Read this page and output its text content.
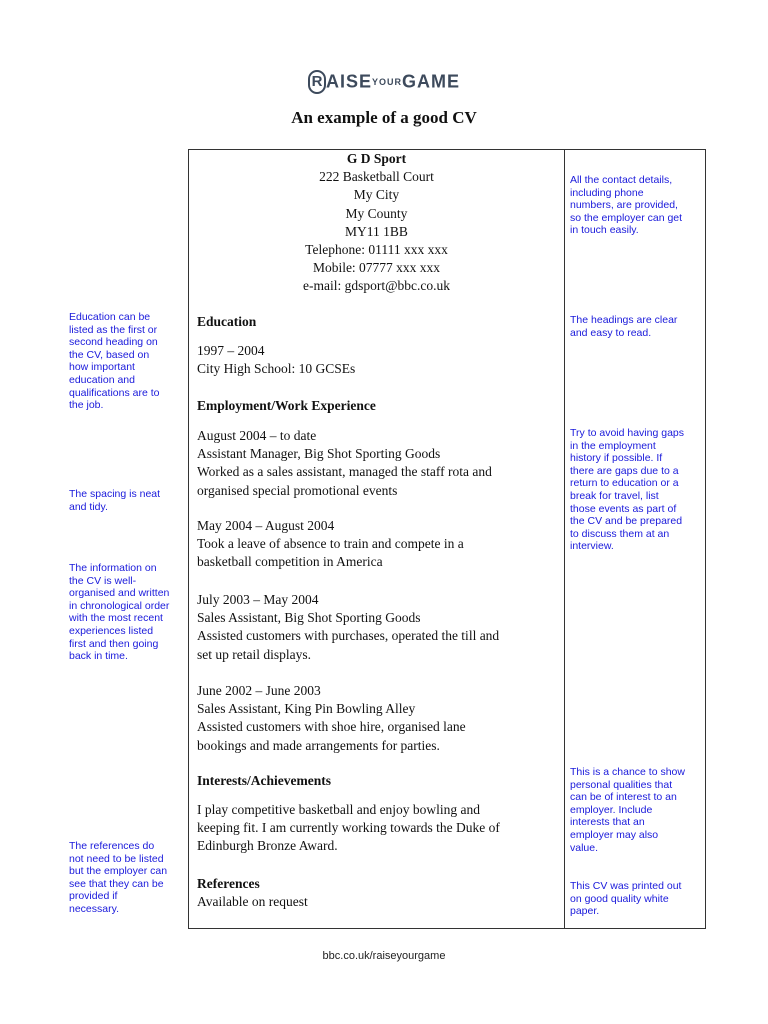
R AISEYOURGAME
An example of a good CV
G D Sport
222 Basketball Court
My City
My County
MY11 1BB
Telephone: 01111 xxx xxx
Mobile: 07777 xxx xxx
e-mail: gdsport@bbc.co.uk
Education
1997 – 2004
City High School: 10 GCSEs
Employment/Work Experience
August 2004 – to date
Assistant Manager, Big Shot Sporting Goods
Worked as a sales assistant, managed the staff rota and
organised special promotional events
May 2004 – August 2004
Took a leave of absence to train and compete in a
basketball competition in America
July 2003 – May 2004
Sales Assistant, Big Shot Sporting Goods
Assisted customers with purchases, operated the till and
set up retail displays.
June 2002 – June 2003
Sales Assistant, King Pin Bowling Alley
Assisted customers with shoe hire, organised lane
bookings and made arrangements for parties.
Interests/Achievements
I play competitive basketball and enjoy bowling and
keeping fit. I am currently working towards the Duke of
Edinburgh Bronze Award.
References
Available on request
Education can be
listed as the first or
second heading on
the CV, based on
how important
education and
qualifications are to
the job.
The spacing is neat
and tidy.
The information on
the CV is well-
organised and written
in chronological order
with the most recent
experiences listed
first and then going
back in time.
The references do
not need to be listed
but the employer can
see that they can be
provided if
necessary.
All the contact details,
including phone
numbers, are provided,
so the employer can get
in touch easily.
The headings are clear
and easy to read.
Try to avoid having gaps
in the employment
history if possible. If
there are gaps due to a
return to education or a
break for travel, list
those events as part of
the CV and be prepared
to discuss them at an
interview.
This is a chance to show
personal qualities that
can be of interest to an
employer. Include
interests that an
employer may also
value.
This CV was printed out
on good quality white
paper.
bbc.co.uk/raiseyourgame
